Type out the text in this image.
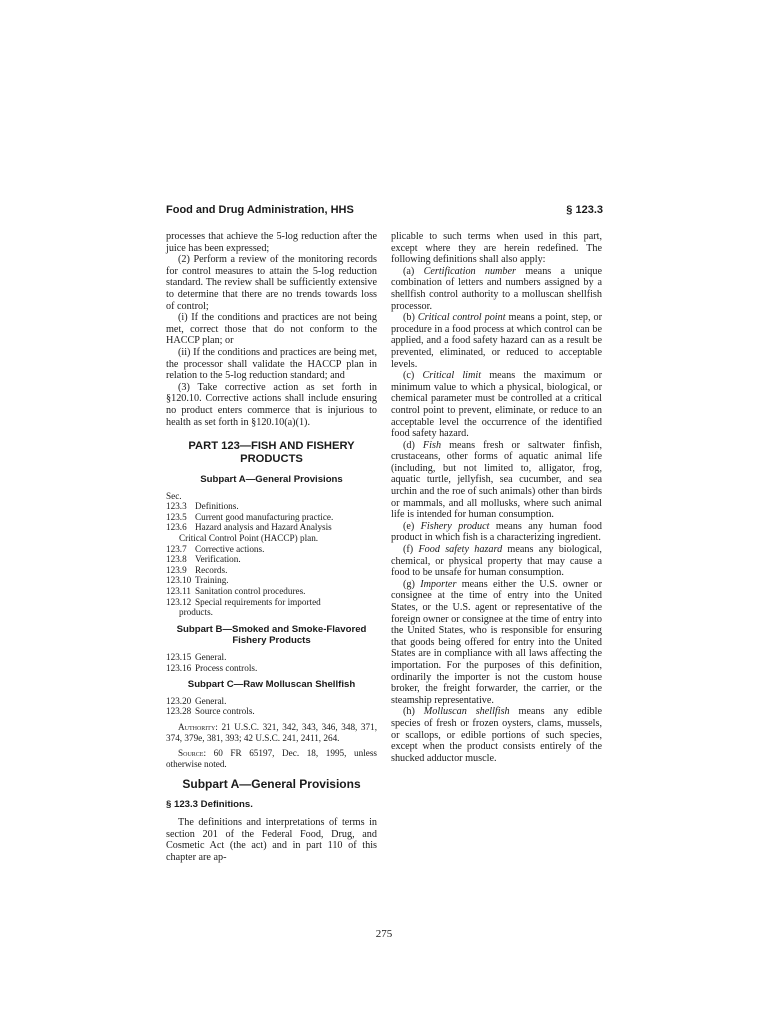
Food and Drug Administration, HHS	§ 123.3

processes that achieve the 5-log reduction after the juice has been expressed;

(2) Perform a review of the monitoring records for control measures to attain the 5-log reduction standard. The review shall be sufficiently extensive to determine that there are no trends towards loss of control;

(i) If the conditions and practices are not being met, correct those that do not conform to the HACCP plan; or

(ii) If the conditions and practices are being met, the processor shall validate the HACCP plan in relation to the 5-log reduction standard; and

(3) Take corrective action as set forth in §120.10. Corrective actions shall include ensuring no product enters commerce that is injurious to health as set forth in §120.10(a)(1).

PART 123—FISH AND FISHERY PRODUCTS
Subpart A—General Provisions
Sec.
123.3 Definitions.
123.5 Current good manufacturing practice.
123.6 Hazard analysis and Hazard Analysis
Critical Control Point (HACCP) plan.
123.7 Corrective actions.
123.8 Verification.
123.9 Records.
123.10 Training.
123.11 Sanitation control procedures.
123.12 Special requirements for imported
products.
Subpart B—Smoked and Smoke-Flavored Fishery Products
123.15 General.
123.16 Process controls.
Subpart C—Raw Molluscan Shellfish
123.20 General.
123.28 Source controls.

Authority: 21 U.S.C. 321, 342, 343, 346, 348, 371, 374, 379e, 381, 393; 42 U.S.C. 241, 2411, 264.

Source: 60 FR 65197, Dec. 18, 1995, unless otherwise noted.

Subpart A—General Provisions
§ 123.3 Definitions.

The definitions and interpretations of terms in section 201 of the Federal Food, Drug, and Cosmetic Act (the act) and in part 110 of this chapter are ap-

plicable to such terms when used in this part, except where they are herein redefined. The following definitions shall also apply:

(a) Certification number means a unique combination of letters and numbers assigned by a shellfish control authority to a molluscan shellfish processor.

(b) Critical control point means a point, step, or procedure in a food process at which control can be applied, and a food safety hazard can as a result be prevented, eliminated, or reduced to acceptable levels.

(c) Critical limit means the maximum or minimum value to which a physical, biological, or chemical parameter must be controlled at a critical control point to prevent, eliminate, or reduce to an acceptable level the occurrence of the identified food safety hazard.

(d) Fish means fresh or saltwater finfish, crustaceans, other forms of aquatic animal life (including, but not limited to, alligator, frog, aquatic turtle, jellyfish, sea cucumber, and sea urchin and the roe of such animals) other than birds or mammals, and all mollusks, where such animal life is intended for human consumption.

(e) Fishery product means any human food product in which fish is a characterizing ingredient.

(f) Food safety hazard means any biological, chemical, or physical property that may cause a food to be unsafe for human consumption.

(g) Importer means either the U.S. owner or consignee at the time of entry into the United States, or the U.S. agent or representative of the foreign owner or consignee at the time of entry into the United States, who is responsible for ensuring that goods being offered for entry into the United States are in compliance with all laws affecting the importation. For the purposes of this definition, ordinarily the importer is not the custom house broker, the freight forwarder, the carrier, or the steamship representative.

(h) Molluscan shellfish means any edible species of fresh or frozen oysters, clams, mussels, or scallops, or edible portions of such species, except when the product consists entirely of the shucked adductor muscle.

275
